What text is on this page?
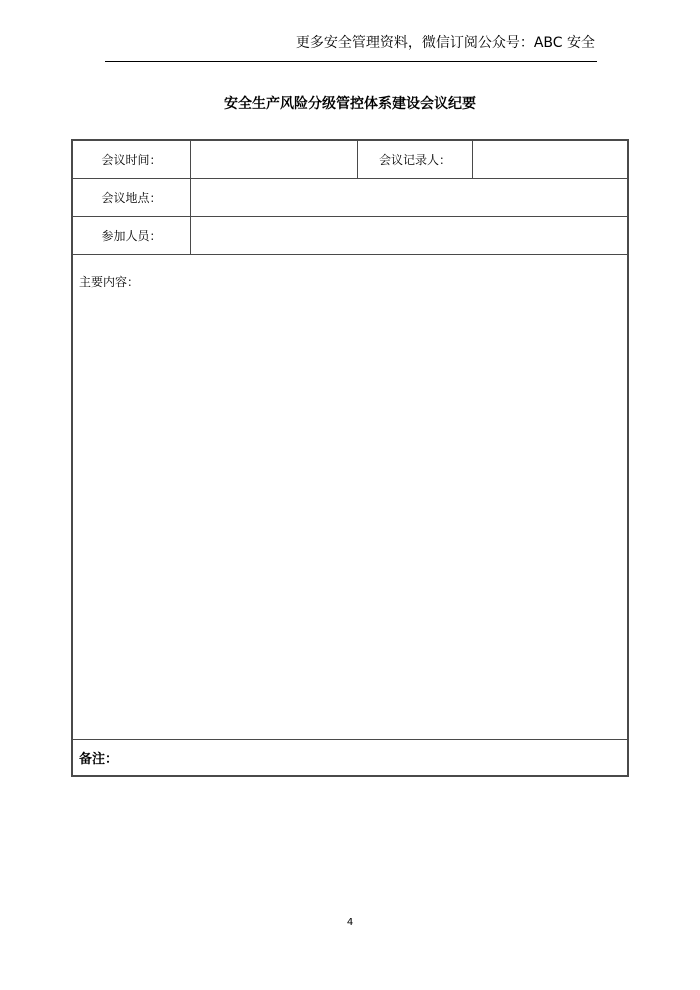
更多安全管理资料，微信订阅公众号：ABC 安全
安全生产风险分级管控体系建设会议纪要
会议时间：	会议记录人：
会议地点：
参加人员：
主要内容：
备注：
4
